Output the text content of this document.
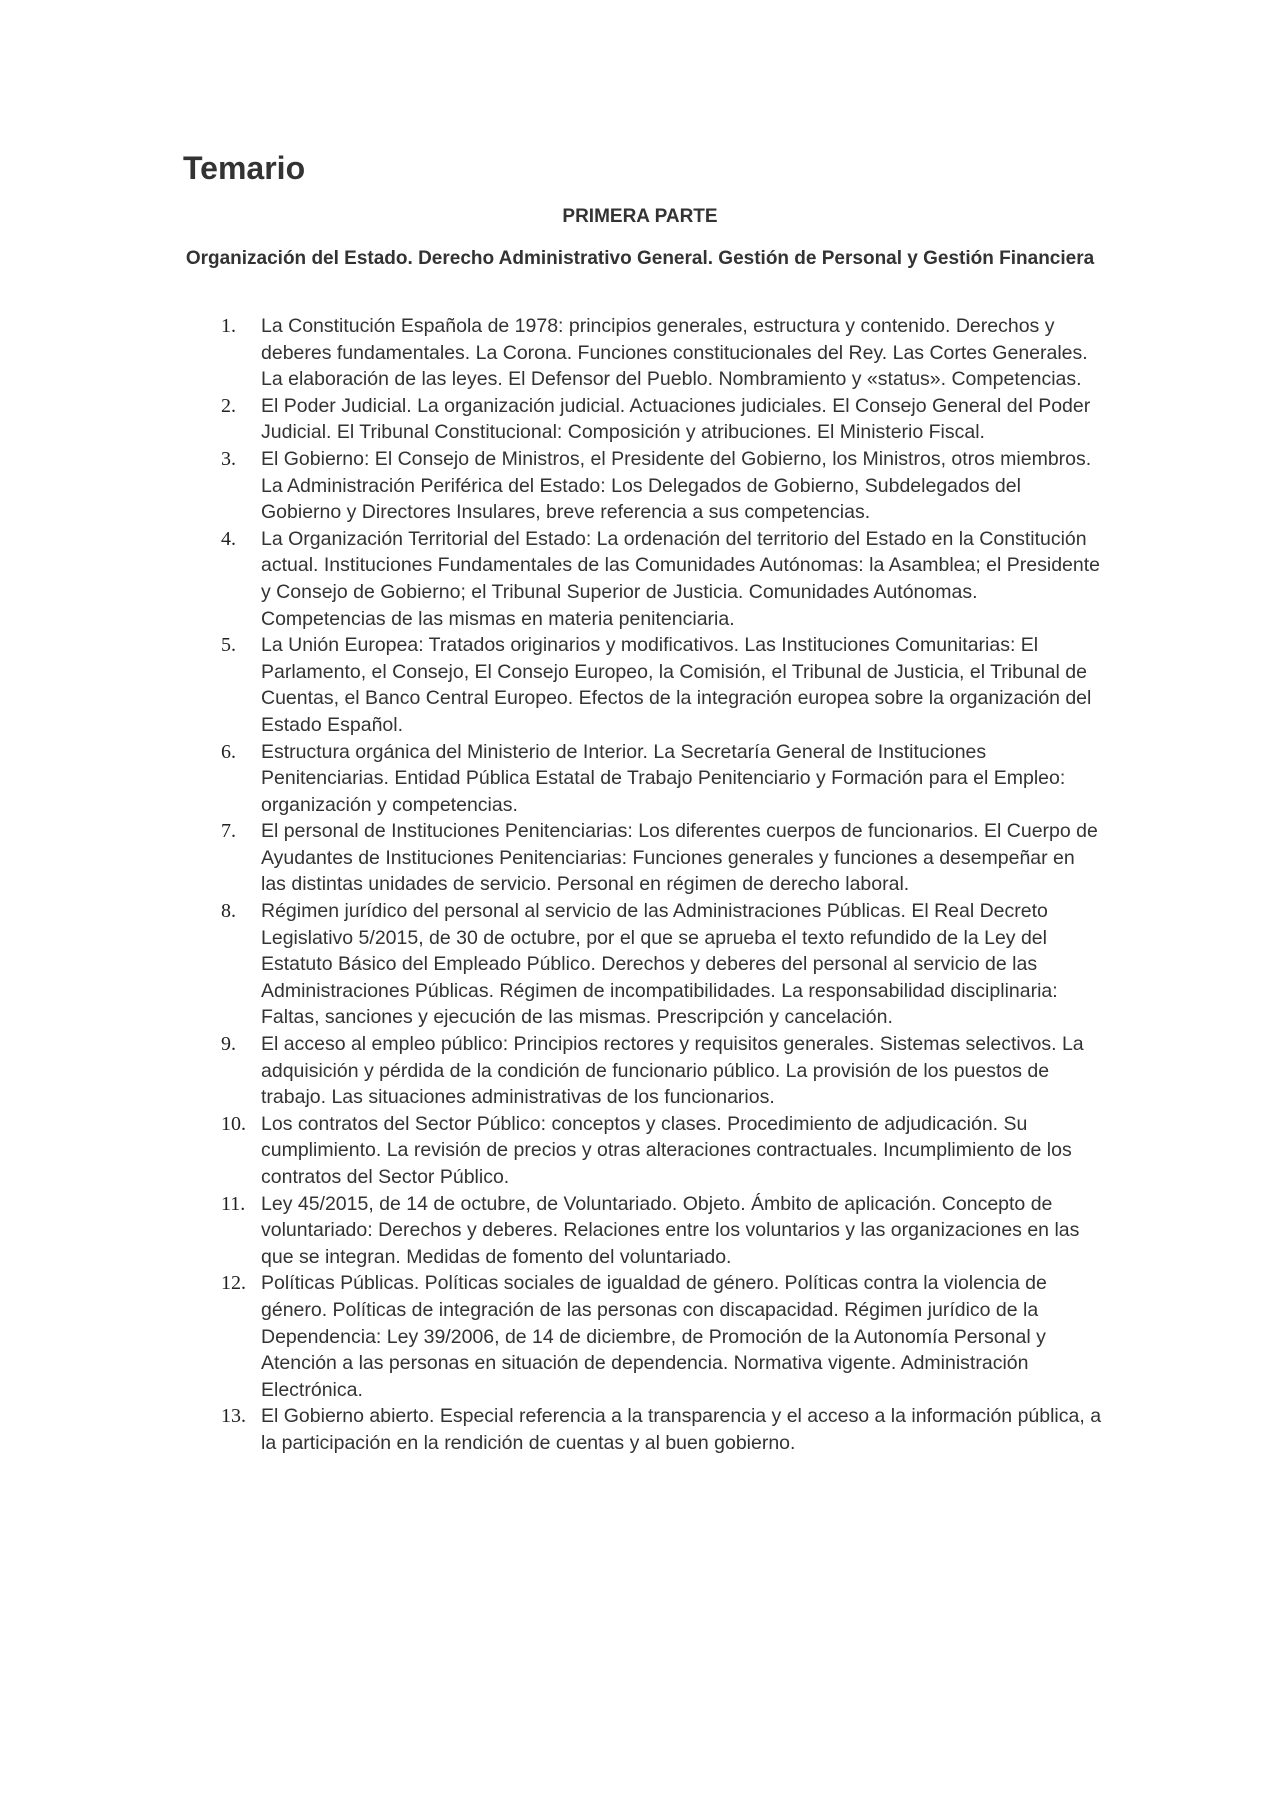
Temario
PRIMERA PARTE
Organización del Estado. Derecho Administrativo General. Gestión de Personal y Gestión Financiera
1.	La Constitución Española de 1978: principios generales, estructura y contenido. Derechos y deberes fundamentales. La Corona. Funciones constitucionales del Rey. Las Cortes Generales. La elaboración de las leyes. El Defensor del Pueblo. Nombramiento y «status». Competencias.
2.	El Poder Judicial. La organización judicial. Actuaciones judiciales. El Consejo General del Poder Judicial. El Tribunal Constitucional: Composición y atribuciones. El Ministerio Fiscal.
3.	El Gobierno: El Consejo de Ministros, el Presidente del Gobierno, los Ministros, otros miembros. La Administración Periférica del Estado: Los Delegados de Gobierno, Subdelegados del Gobierno y Directores Insulares, breve referencia a sus competencias.
4.	La Organización Territorial del Estado: La ordenación del territorio del Estado en la Constitución actual. Instituciones Fundamentales de las Comunidades Autónomas: la Asamblea; el Presidente y Consejo de Gobierno; el Tribunal Superior de Justicia. Comunidades Autónomas. Competencias de las mismas en materia penitenciaria.
5.	La Unión Europea: Tratados originarios y modificativos. Las Instituciones Comunitarias: El Parlamento, el Consejo, El Consejo Europeo, la Comisión, el Tribunal de Justicia, el Tribunal de Cuentas, el Banco Central Europeo. Efectos de la integración europea sobre la organización del Estado Español.
6.	Estructura orgánica del Ministerio de Interior. La Secretaría General de Instituciones Penitenciarias. Entidad Pública Estatal de Trabajo Penitenciario y Formación para el Empleo: organización y competencias.
7.	El personal de Instituciones Penitenciarias: Los diferentes cuerpos de funcionarios. El Cuerpo de Ayudantes de Instituciones Penitenciarias: Funciones generales y funciones a desempeñar en las distintas unidades de servicio. Personal en régimen de derecho laboral.
8.	Régimen jurídico del personal al servicio de las Administraciones Públicas. El Real Decreto Legislativo 5/2015, de 30 de octubre, por el que se aprueba el texto refundido de la Ley del Estatuto Básico del Empleado Público. Derechos y deberes del personal al servicio de las Administraciones Públicas. Régimen de incompatibilidades. La responsabilidad disciplinaria: Faltas, sanciones y ejecución de las mismas. Prescripción y cancelación.
9.	El acceso al empleo público: Principios rectores y requisitos generales. Sistemas selectivos. La adquisición y pérdida de la condición de funcionario público. La provisión de los puestos de trabajo. Las situaciones administrativas de los funcionarios.
10. Los contratos del Sector Público: conceptos y clases. Procedimiento de adjudicación. Su cumplimiento. La revisión de precios y otras alteraciones contractuales. Incumplimiento de los contratos del Sector Público.
11. Ley 45/2015, de 14 de octubre, de Voluntariado. Objeto. Ámbito de aplicación. Concepto de voluntariado: Derechos y deberes. Relaciones entre los voluntarios y las organizaciones en las que se integran. Medidas de fomento del voluntariado.
12. Políticas Públicas. Políticas sociales de igualdad de género. Políticas contra la violencia de género. Políticas de integración de las personas con discapacidad. Régimen jurídico de la Dependencia: Ley 39/2006, de 14 de diciembre, de Promoción de la Autonomía Personal y Atención a las personas en situación de dependencia. Normativa vigente. Administración Electrónica.
13. El Gobierno abierto. Especial referencia a la transparencia y el acceso a la información pública, a la participación en la rendición de cuentas y al buen gobierno.
